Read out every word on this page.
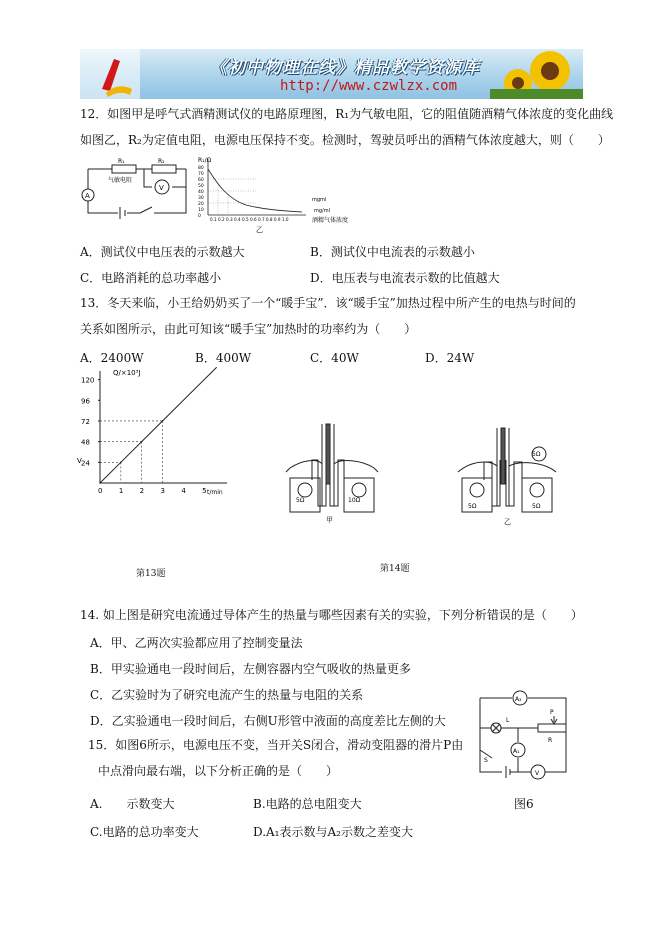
《初中物理在线》精品教学资源库
http://www.czwlzx.com
12．如图甲是呼气式酒精测试仪的电路原理图，R₁为气敏电阻，它的阻值随酒精气体浓度的变化曲线
如图乙，R₂为定值电阻，电源电压保持不变。检测时，驾驶员呼出的酒精气体浓度越大，则（　　）
A
V
R₁	R₂
气敏电阻
R₁/Ω
0.1 0.2 0.3 0.4 0.5 0.6 0.7 0.8 0.9 1.0
mgml
mg/ml
酒精气体浓度
乙
80
70
60
50
40
30
20
10
0
A．测试仪中电压表的示数越大	B．测试仪中电流表的示数越小
C．电路消耗的总功率越小	D．电压表与电流表示数的比值越大
13．冬天来临，小王给奶奶买了一个“暖手宝”．该“暖手宝”加热过程中所产生的电热与时间的
关系如图所示，由此可知该“暖手宝”加热时的功率约为（　　）
A．2400W	B．400W	C．40W	D．24W
120
96
72
48
24
0 1 2 3 4 5
Q/×10³J
t/min
V
第13题
5Ω	10Ω
甲
5Ω	5Ω
5Ω
乙
第14题
14. 如上图是研究电流通过导体产生的热量与哪些因素有关的实验，下列分析错误的是（　　）
A．甲、乙两次实验都应用了控制变量法
B．甲实验通电一段时间后，左侧容器内空气吸收的热量更多
C．乙实验时为了研究电流产生的热量与电阻的关系
D．乙实验通电一段时间后，右侧U形管中液面的高度差比左侧的大
15．如图6所示，电源电压不变，当开关S闭合，滑动变阻器的滑片P由
中点滑向最右端，以下分析正确的是（　　）
A₂
A₁
V
L
P
R
S
A.　　示数变大	B.电路的总电阻变大	图6
C.电路的总功率变大	D.A₁表示数与A₂示数之差变大
